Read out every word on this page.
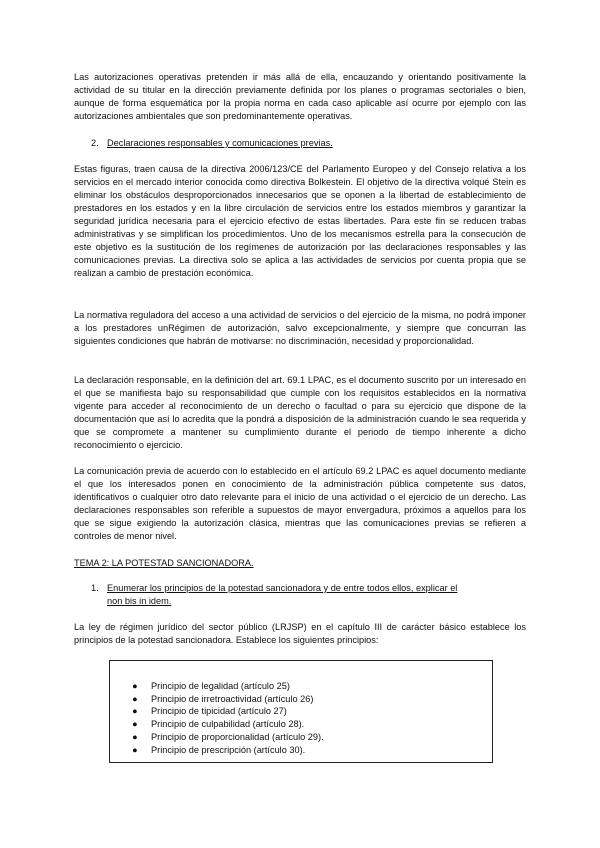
Las autorizaciones operativas pretenden ir más allá de ella, encauzando y orientando positivamente la actividad de su titular en la dirección previamente definida por los planes o programas sectoriales o bien, aunque de forma esquemática por la propia norma en cada caso aplicable así ocurre por ejemplo con las autorizaciones ambientales que son predominantemente operativas.

2. Declaraciones responsables y comunicaciones previas.

Estas figuras, traen causa de la directiva 2006/123/CE del Parlamento Europeo y del Consejo relativa a los servicios en el mercado interior conocida como directiva Bolkestein. El objetivo de la directiva volqué Stein es eliminar los obstáculos desproporcionados innecesarios que se oponen a la libertad de establecimiento de prestadores en los estados y en la libre circulación de servicios entre los estados miembros y garantizar la seguridad jurídica necesaria para el ejercicio efectivo de estas libertades. Para este fin se reducen trabas administrativas y se simplifican los procedimientos. Uno de los mecanismos estrella para la consecución de este objetivo es la sustitución de los regímenes de autorización por las declaraciones responsables y las comunicaciones previas. La directiva solo se aplica a las actividades de servicios por cuenta propia que se realizan a cambio de prestación económica.

La normativa reguladora del acceso a una actividad de servicios o del ejercicio de la misma, no podrá imponer a los prestadores unRégimen de autorización, salvo excepcionalmente, y siempre que concurran las siguientes condiciones que habrán de motivarse: no discriminación, necesidad y proporcionalidad.

La declaración responsable, en la definición del art. 69.1 LPAC, es el documento suscrito por un interesado en el que se manifiesta bajo su responsabilidad que cumple con los requisitos establecidos en la normativa vigente para acceder al reconocimiento de un derecho o facultad o para su ejercicio que dispone de la documentación que así lo acredita que la pondrá a disposición de la administración cuando le sea requerida y que se compromete a mantener su cumplimiento durante el periodo de tiempo inherente a dicho reconocimiento o ejercicio.

La comunicación previa de acuerdo con lo establecido en el artículo 69.2 LPAC es aquel documento mediante el que los interesados ponen en conocimiento de la administración pública competente sus datos, identificativos o cualquier otro dato relevante para el inicio de una actividad o el ejercicio de un derecho. Las declaraciones responsables son referible a supuestos de mayor envergadura, próximos a aquellos para los que se sigue exigiendo la autorización clásica, mientras que las comunicaciones previas se refieren a controles de menor nivel.

TEMA 2: LA POTESTAD SANCIONADORA.
1. Enumerar los principios de la potestad sancionadora y de entre todos ellos, explicar el
non bis in idem.

La ley de régimen jurídico del sector público (LRJSP) en el capítulo III de carácter básico establece los principios de la potestad sancionadora. Establece los siguientes principios:

● Principio de legalidad (artículo 25)
● Principio de irretroactividad (artículo 26)
● Principio de tipicidad (artículo 27)
● Principio de culpabilidad (artículo 28).
● Principio de proporcionalidad (artículo 29).
● Principio de prescripción (artículo 30).
